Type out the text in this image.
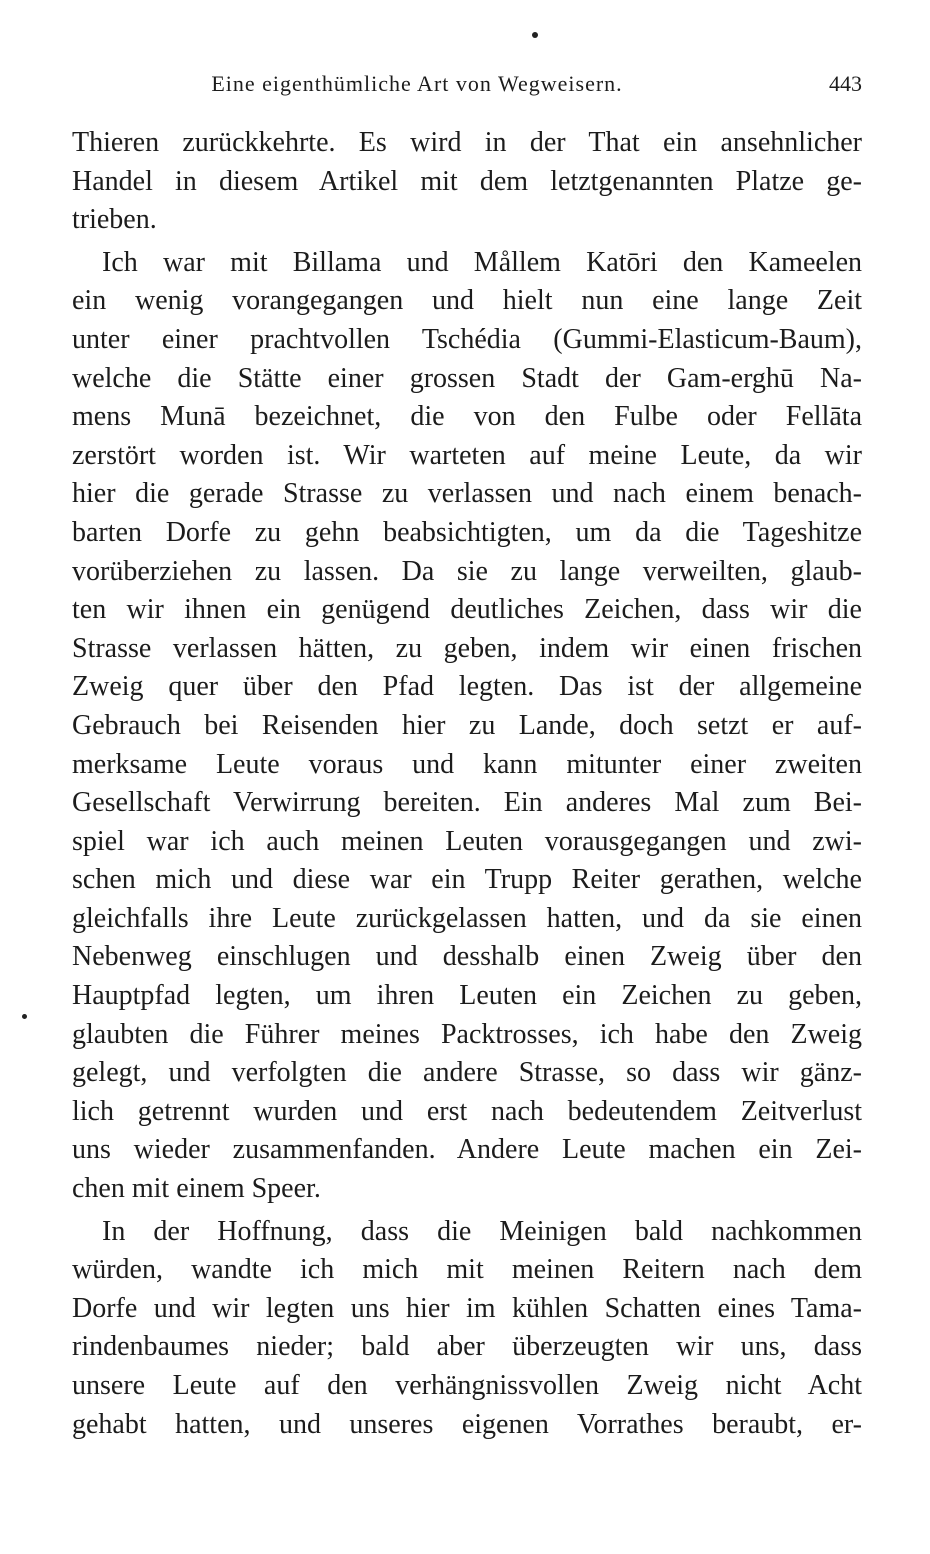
Eine eigenthümliche Art von Wegweisern.	443
Thieren zurückkehrte. Es wird in der That ein ansehnlicher
Handel in diesem Artikel mit dem letztgenannten Platze ge-
trieben.
Ich war mit Billama und Mållem Katōri den Kameelen
ein wenig vorangegangen und hielt nun eine lange Zeit
unter einer prachtvollen Tschédia (Gummi-Elasticum-Baum),
welche die Stätte einer grossen Stadt der Gam-erghū Na-
mens Munā bezeichnet, die von den Fulbe oder Fellāta
zerstört worden ist. Wir warteten auf meine Leute, da wir
hier die gerade Strasse zu verlassen und nach einem benach-
barten Dorfe zu gehn beabsichtigten, um da die Tageshitze
vorüberziehen zu lassen. Da sie zu lange verweilten, glaub-
ten wir ihnen ein genügend deutliches Zeichen, dass wir die
Strasse verlassen hätten, zu geben, indem wir einen frischen
Zweig quer über den Pfad legten. Das ist der allgemeine
Gebrauch bei Reisenden hier zu Lande, doch setzt er auf-
merksame Leute voraus und kann mitunter einer zweiten
Gesellschaft Verwirrung bereiten. Ein anderes Mal zum Bei-
spiel war ich auch meinen Leuten vorausgegangen und zwi-
schen mich und diese war ein Trupp Reiter gerathen, welche
gleichfalls ihre Leute zurückgelassen hatten, und da sie einen
Nebenweg einschlugen und desshalb einen Zweig über den
Hauptpfad legten, um ihren Leuten ein Zeichen zu geben,
glaubten die Führer meines Packtrosses, ich habe den Zweig
gelegt, und verfolgten die andere Strasse, so dass wir gänz-
lich getrennt wurden und erst nach bedeutendem Zeitverlust
uns wieder zusammenfanden. Andere Leute machen ein Zei-
chen mit einem Speer.
In der Hoffnung, dass die Meinigen bald nachkommen
würden, wandte ich mich mit meinen Reitern nach dem
Dorfe und wir legten uns hier im kühlen Schatten eines Tama-
rindenbaumes nieder; bald aber überzeugten wir uns, dass
unsere Leute auf den verhängnissvollen Zweig nicht Acht
gehabt hatten, und unseres eigenen Vorrathes beraubt, er-
